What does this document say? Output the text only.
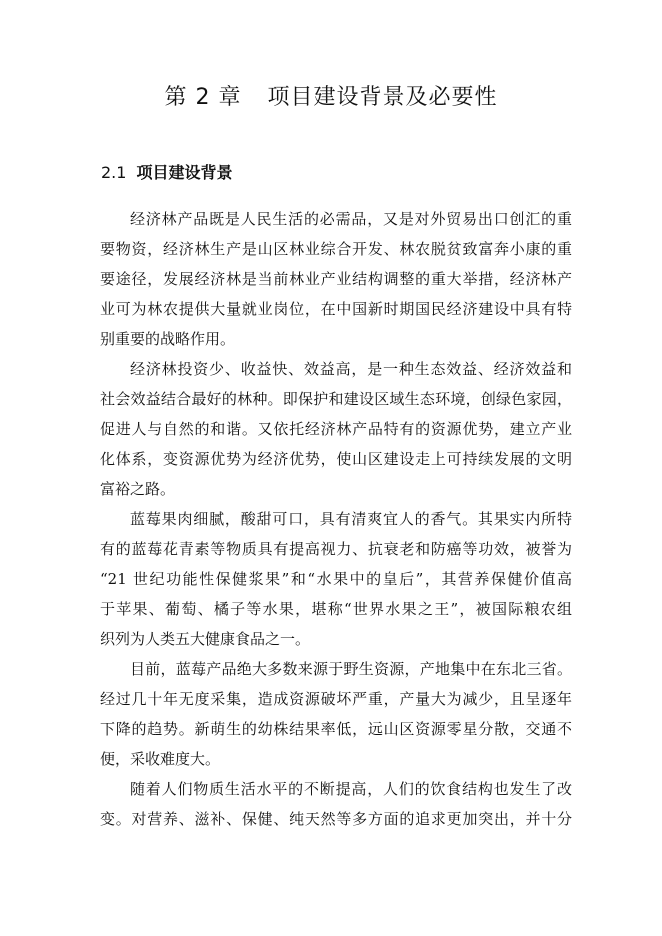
第 2 章 项目建设背景及必要性
2.1 项目建设背景

经济林产品既是人民生活的必需品，又是对外贸易出口创汇的重
要物资，经济林生产是山区林业综合开发、林农脱贫致富奔小康的重
要途径，发展经济林是当前林业产业结构调整的重大举措，经济林产
业可为林农提供大量就业岗位，在中国新时期国民经济建设中具有特
别重要的战略作用。

经济林投资少、收益快、效益高，是一种生态效益、经济效益和
社会效益结合最好的林种。即保护和建设区域生态环境，创绿色家园，
促进人与自然的和谐。又依托经济林产品特有的资源优势，建立产业
化体系，变资源优势为经济优势，使山区建设走上可持续发展的文明
富裕之路。

蓝莓果肉细腻，酸甜可口，具有清爽宜人的香气。其果实内所特
有的蓝莓花青素等物质具有提高视力、抗衰老和防癌等功效，被誉为
“21 世纪功能性保健浆果”和“水果中的皇后”，其营养保健价值高
于苹果、葡萄、橘子等水果，堪称“世界水果之王”，被国际粮农组
织列为人类五大健康食品之一。

目前，蓝莓产品绝大多数来源于野生资源，产地集中在东北三省。
经过几十年无度采集，造成资源破坏严重，产量大为减少，且呈逐年
下降的趋势。新萌生的幼株结果率低，远山区资源零星分散，交通不
便，采收难度大。

随着人们物质生活水平的不断提高，人们的饮食结构也发生了改
变。对营养、滋补、保健、纯天然等多方面的追求更加突出，并十分
